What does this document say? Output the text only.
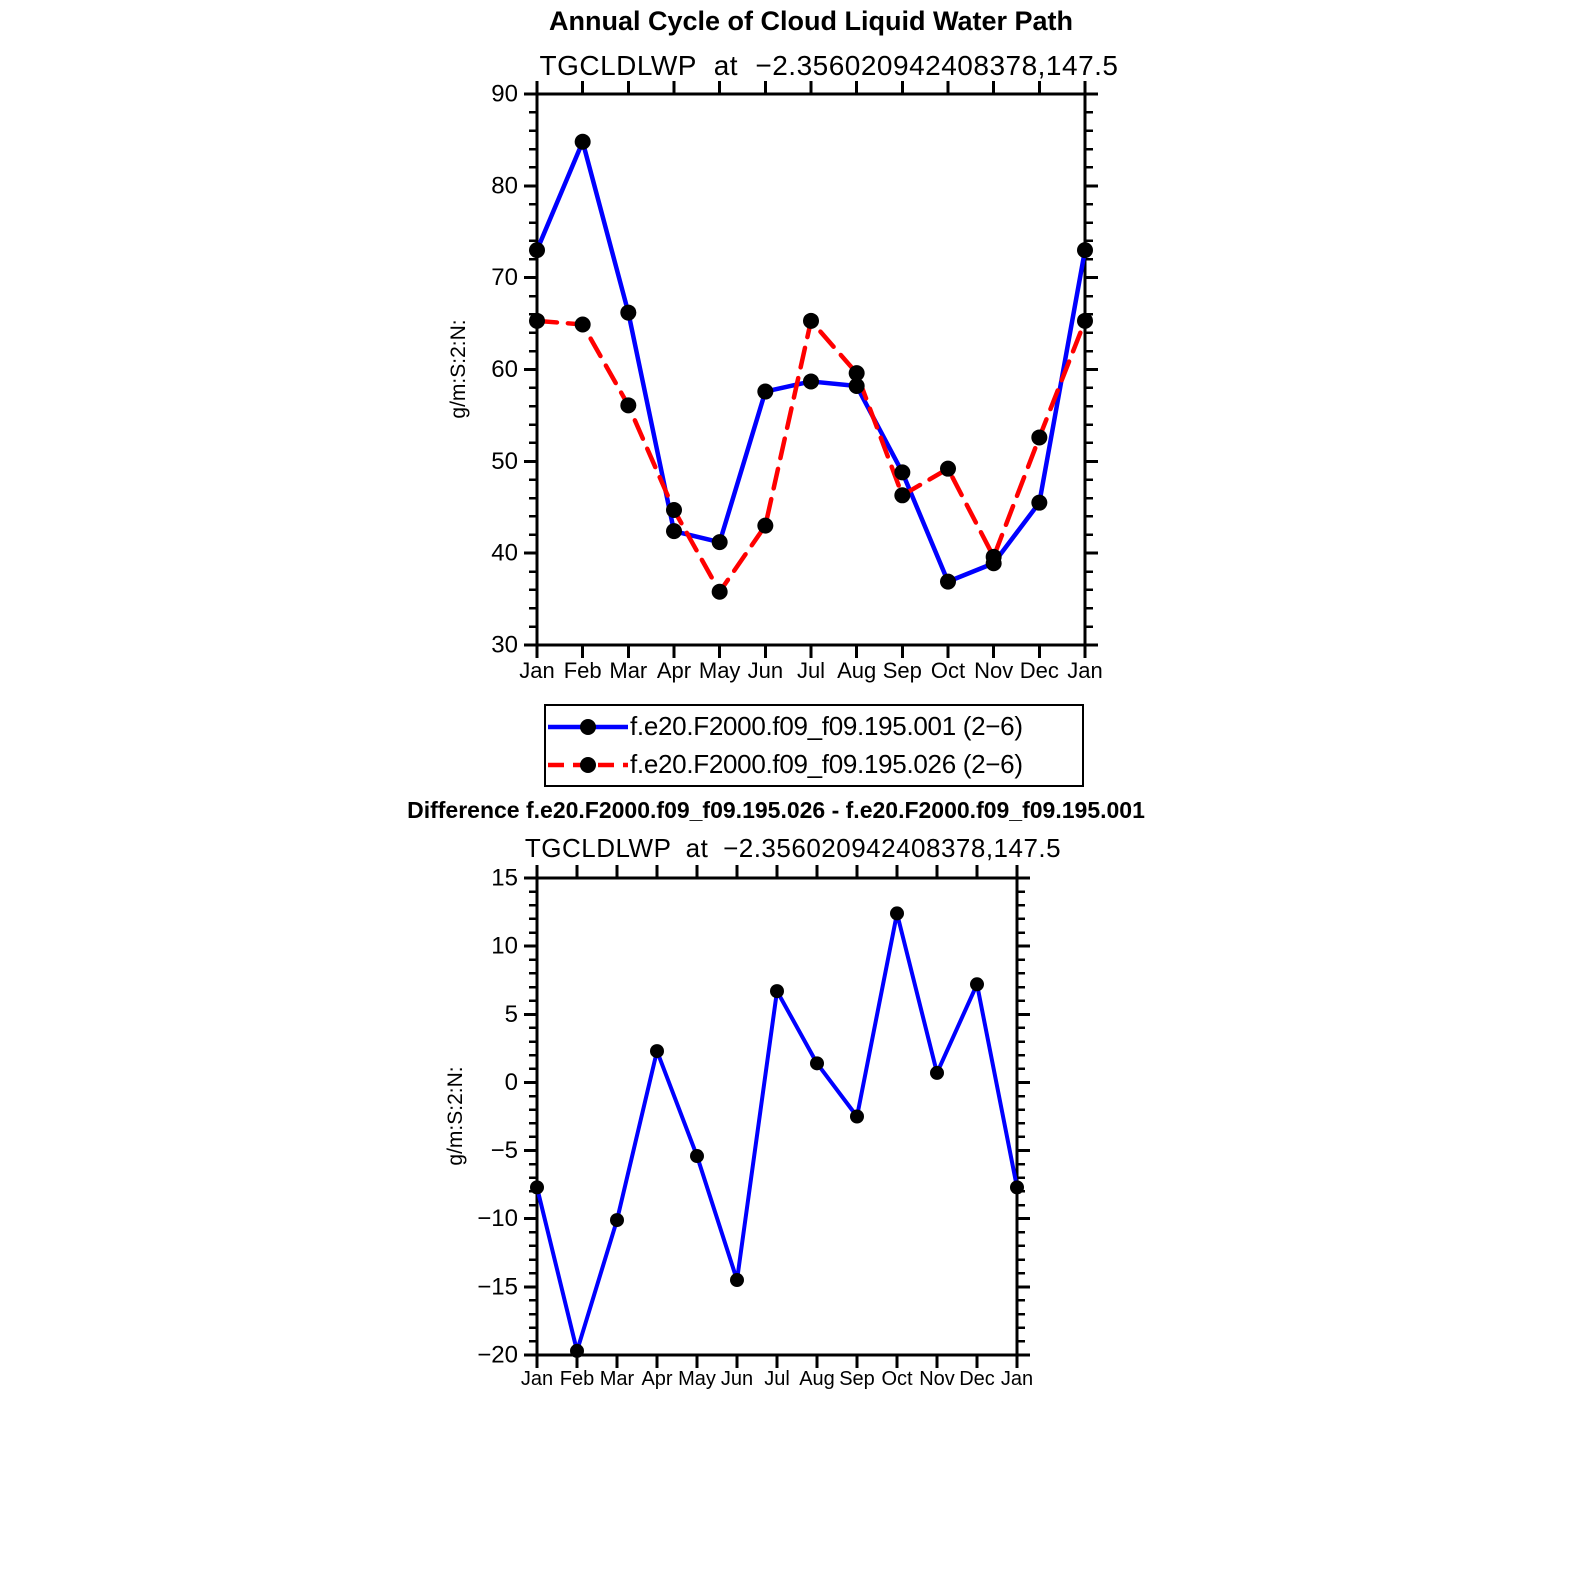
Annual Cycle of Cloud Liquid Water Path
TGCLDLWP at −2.356020942408378,147.5
g/m:S:2:N:
30
40
50
60
70
80
90
Jan Feb Mar Apr May Jun Jul Aug Sep Oct Nov Dec Jan
f.e20.F2000.f09_f09.195.001 (2−6)
f.e20.F2000.f09_f09.195.026 (2−6)
Difference f.e20.F2000.f09_f09.195.026 - f.e20.F2000.f09_f09.195.001
TGCLDLWP at −2.356020942408378,147.5
g/m:S:2:N:
−20
−15
−10
−5
0
5
10
15
Jan Feb Mar Apr May Jun Jul Aug Sep Oct Nov Dec Jan
